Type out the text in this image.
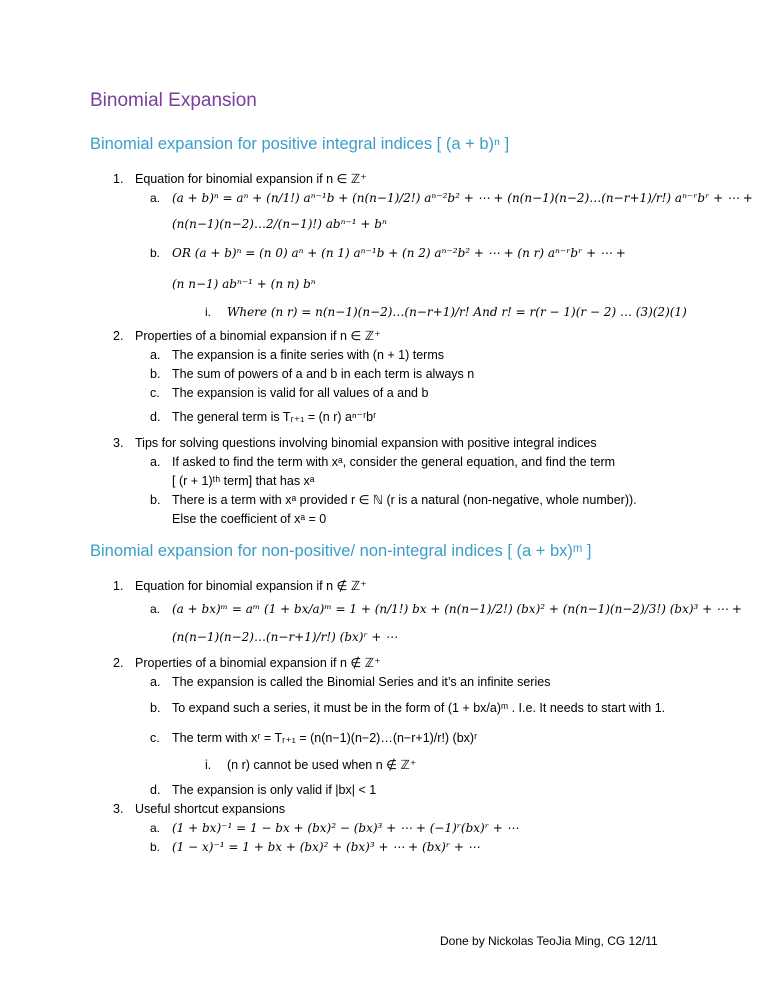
Binomial Expansion
Binomial expansion for positive integral indices [ (a + b)ⁿ ]
1. Equation for binomial expansion if n ∈ ℤ⁺
a. (a + b)ⁿ = aⁿ + (n/1!) aⁿ⁻¹b + (n(n−1)/2!) aⁿ⁻²b² + ⋯ + (n(n−1)(n−2)…(n−r+1)/r!) aⁿ⁻ʳbʳ + ⋯ +
(n(n−1)(n−2)…2/(n−1)!) abⁿ⁻¹ + bⁿ
b. OR (a + b)ⁿ = (n 0) aⁿ + (n 1) aⁿ⁻¹b + (n 2) aⁿ⁻²b² + ⋯ + (n r) aⁿ⁻ʳbʳ + ⋯ +
(n n−1) abⁿ⁻¹ + (n n) bⁿ
i. Where (n r) = n(n−1)(n−2)…(n−r+1)/r! And r! = r(r − 1)(r − 2) … (3)(2)(1)
2. Properties of a binomial expansion if n ∈ ℤ⁺
a. The expansion is a finite series with (n + 1) terms
b. The sum of powers of a and b in each term is always n
c. The expansion is valid for all values of a and b
d. The general term is Tᵣ₊₁ = (n r) aⁿ⁻ʳbʳ
3. Tips for solving questions involving binomial expansion with positive integral indices
a. If asked to find the term with xᵃ, consider the general equation, and find the term
[ (r + 1)ᵗʰ term] that has xᵃ
b. There is a term with xᵃ provided r ∈ ℕ (r is a natural (non-negative, whole number)).
Else the coefficient of xᵃ = 0
Binomial expansion for non-positive/ non-integral indices [ (a + bx)ᵐ ]
1. Equation for binomial expansion if n ∉ ℤ⁺
a. (a + bx)ᵐ = aᵐ (1 + bx/a)ᵐ = 1 + (n/1!) bx + (n(n−1)/2!) (bx)² + (n(n−1)(n−2)/3!) (bx)³ + ⋯ +
(n(n−1)(n−2)…(n−r+1)/r!) (bx)ʳ + ⋯
2. Properties of a binomial expansion if n ∉ ℤ⁺
a. The expansion is called the Binomial Series and it’s an infinite series
b. To expand such a series, it must be in the form of (1 + bx/a)ᵐ . I.e. It needs to start with 1.
c. The term with xʳ = Tᵣ₊₁ = (n(n−1)(n−2)…(n−r+1)/r!) (bx)ʳ
i. (n r) cannot be used when n ∉ ℤ⁺
d. The expansion is only valid if |bx| < 1
3. Useful shortcut expansions
a. (1 + bx)⁻¹ = 1 − bx + (bx)² − (bx)³ + ⋯ + (−1)ʳ(bx)ʳ + ⋯
b. (1 − x)⁻¹ = 1 + bx + (bx)² + (bx)³ + ⋯ + (bx)ʳ + ⋯
Done by Nickolas TeoJia Ming, CG 12/11
